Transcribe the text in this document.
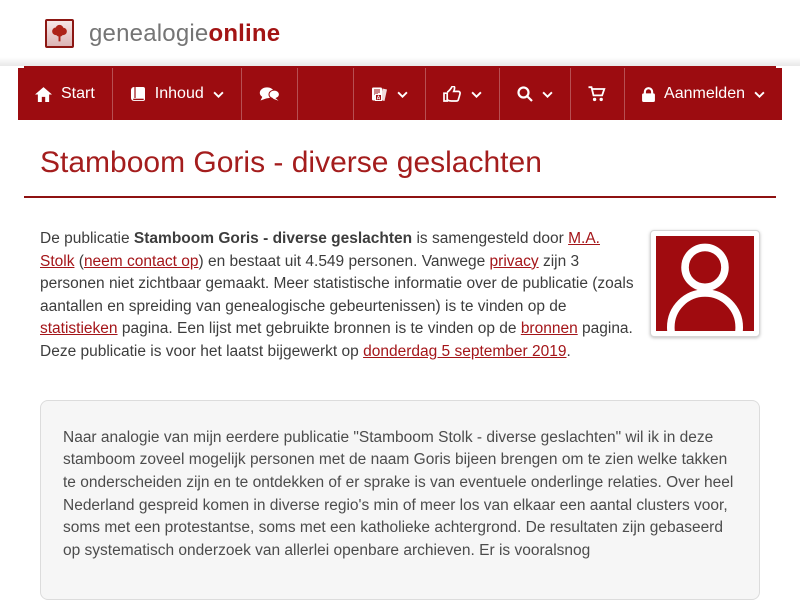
genealogieonline
Start	Inhoud	A	Aanmelden
Stamboom Goris - diverse geslachten

De publicatie Stamboom Goris - diverse geslachten is samengesteld door M.A. Stolk (neem contact op) en bestaat uit 4.549 personen. Vanwege privacy zijn 3 personen niet zichtbaar gemaakt. Meer statistische informatie over de publicatie (zoals aantallen en spreiding van genealogische gebeurtenissen) is te vinden op de statistieken pagina. Een lijst met gebruikte bronnen is te vinden op de bronnen pagina. Deze publicatie is voor het laatst bijgewerkt op donderdag 5 september 2019.

Naar analogie van mijn eerdere publicatie "Stamboom Stolk - diverse geslachten" wil ik in deze stamboom zoveel mogelijk personen met de naam Goris bijeen brengen om te zien welke takken te onderscheiden zijn en te ontdekken of er sprake is van eventuele onderlinge relaties. Over heel Nederland gespreid komen in diverse regio's min of meer los van elkaar een aantal clusters voor, soms met een protestantse, soms met een katholieke achtergrond. De resultaten zijn gebaseerd op systematisch onderzoek van allerlei openbare archieven. Er is vooralsnog
